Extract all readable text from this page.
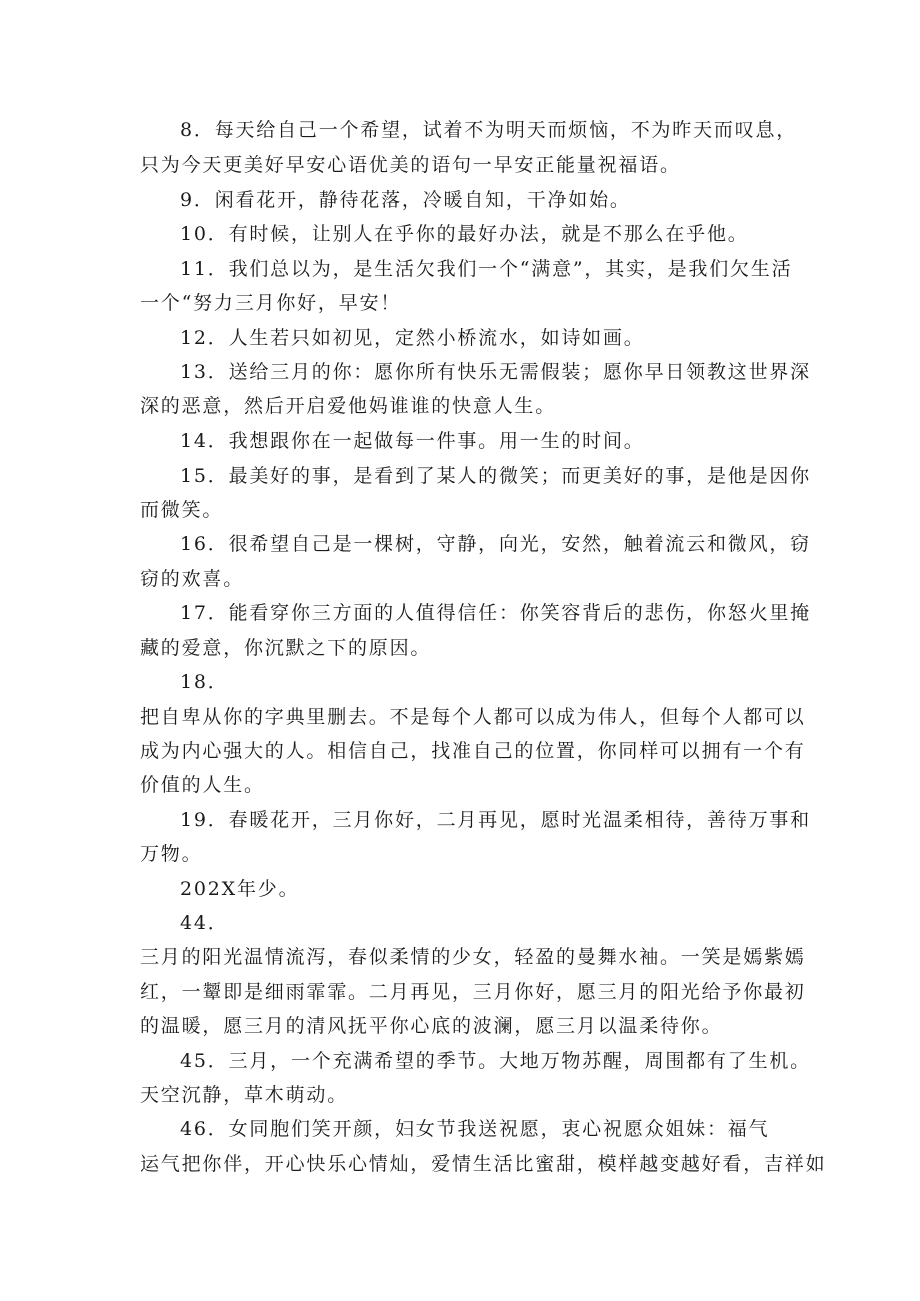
8．每天给自己一个希望，试着不为明天而烦恼，不为昨天而叹息，
只为今天更美好早安心语优美的语句一早安正能量祝福语。
9．闲看花开，静待花落，冷暖自知，干净如始。
10．有时候，让别人在乎你的最好办法，就是不那么在乎他。
11．我们总以为，是生活欠我们一个“满意”，其实，是我们欠生活
一个“努力三月你好，早安！
12．人生若只如初见，定然小桥流水，如诗如画。
13．送给三月的你：愿你所有快乐无需假装；愿你早日领教这世界深
深的恶意，然后开启爱他妈谁谁的快意人生。
14．我想跟你在一起做每一件事。用一生的时间。
15．最美好的事，是看到了某人的微笑；而更美好的事，是他是因你
而微笑。
16．很希望自己是一棵树，守静，向光，安然，触着流云和微风，窃
窃的欢喜。
17．能看穿你三方面的人值得信任：你笑容背后的悲伤，你怒火里掩
藏的爱意，你沉默之下的原因。
18．
把自卑从你的字典里删去。不是每个人都可以成为伟人，但每个人都可以
成为内心强大的人。相信自己，找准自己的位置，你同样可以拥有一个有
价值的人生。
19．春暖花开，三月你好，二月再见，愿时光温柔相待，善待万事和
万物。
202X年少。
44．
三月的阳光温情流泻，春似柔情的少女，轻盈的曼舞水袖。一笑是嫣紫嫣
红，一颦即是细雨霏霏。二月再见，三月你好，愿三月的阳光给予你最初
的温暖，愿三月的清风抚平你心底的波澜，愿三月以温柔待你。
45．三月，一个充满希望的季节。大地万物苏醒，周围都有了生机。
天空沉静，草木萌动。
46．女同胞们笑开颜，妇女节我送祝愿，衷心祝愿众姐妹：福气
运气把你伴，开心快乐心情灿，爱情生活比蜜甜，模样越变越好看，吉祥如
